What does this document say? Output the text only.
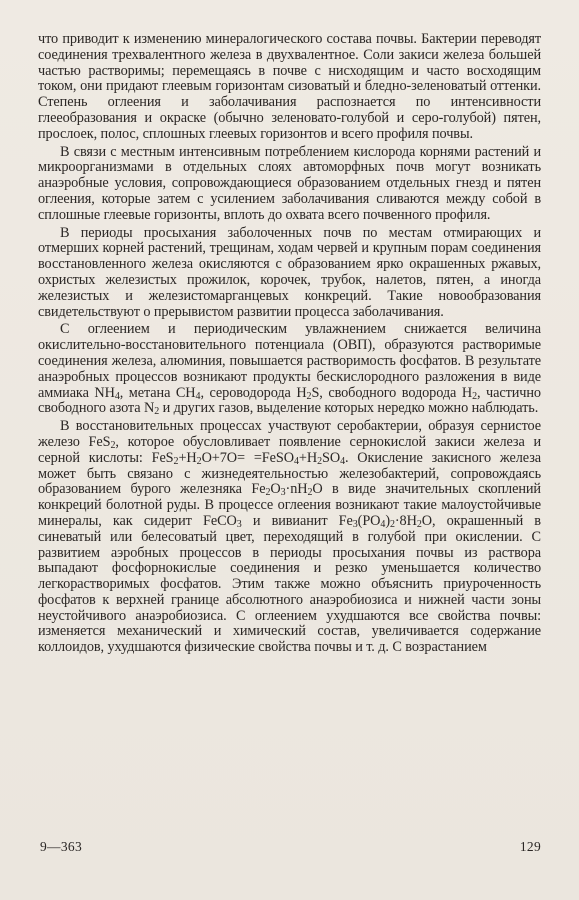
что приводит к изменению минералогического состава почвы. Бактерии переводят соединения трехвалентного железа в двухвалентное. Соли закиси железа большей частью растворимы; перемещаясь в почве с нисходящим и часто восходящим током, они придают глеевым горизонтам сизоватый и бледно-зеленоватый оттенки. Степень оглеения и заболачивания распознается по интенсивности глееобразования и окраске (обычно зеленовато-голубой и серо-голубой) пятен, прослоек, полос, сплошных глеевых горизонтов и всего профиля почвы.

В связи с местным интенсивным потреблением кислорода корнями растений и микроорганизмами в отдельных слоях автоморфных почв могут возникать анаэробные условия, сопровождающиеся образованием отдельных гнезд и пятен оглеения, которые затем с усилением заболачивания сливаются между собой в сплошные глеевые горизонты, вплоть до охвата всего почвенного профиля.

В периоды просыхания заболоченных почв по местам отмирающих и отмерших корней растений, трещинам, ходам червей и крупным порам соединения восстановленного железа окисляются с образованием ярко окрашенных ржавых, охристых железистых прожилок, корочек, трубок, налетов, пятен, а иногда железистых и железистомарганцевых конкреций. Такие новообразования свидетельствуют о прерывистом развитии процесса заболачивания.

С оглеением и периодическим увлажнением снижается величина окислительно-восстановительного потенциала (ОВП), образуются растворимые соединения железа, алюминия, повышается растворимость фосфатов. В результате анаэробных процессов возникают продукты бескислородного разложения в виде аммиака $NH_4$, метана $CH_4$, сероводорода $H_2S$, свободного водорода $H_2$, частично свободного азота $N_2$ и других газов, выделение которых нередко можно наблюдать.

В восстановительных процессах участвуют серобактерии, образуя сернистое железо FeS$_2$, которое обусловливает появление сернокислой закиси железа и серной кислоты: $FeS_2+H_2O+7O=$ $=FeSO_4+H_2SO_4$. Окисление закисного железа может быть связано с жизнедеятельностью железобактерий, сопровождаясь образованием бурого железняка $Fe_2O_3\cdot nH_2O$ в виде значительных скоплений конкреций болотной руды. В процессе оглеения возникают такие малоустойчивые минералы, как сидерит FeCO$_3$ и вивианит $Fe_3(PO_4)_2\cdot 8H_2O$, окрашенный в синеватый или белесоватый цвет, переходящий в голубой при окислении. С развитием аэробных процессов в периоды просыхания почвы из раствора выпадают фосфорнокислые соединения и резко уменьшается количество легкорастворимых фосфатов. Этим также можно объяснить приуроченность фосфатов к верхней границе абсолютного анаэробиозиса и нижней части зоны неустойчивого анаэробиозиса. С оглеением ухудшаются все свойства почвы: изменяется механический и химический состав, увеличивается содержание коллоидов, ухудшаются физические свойства почвы и т. д. С возрастанием

9—363	129
